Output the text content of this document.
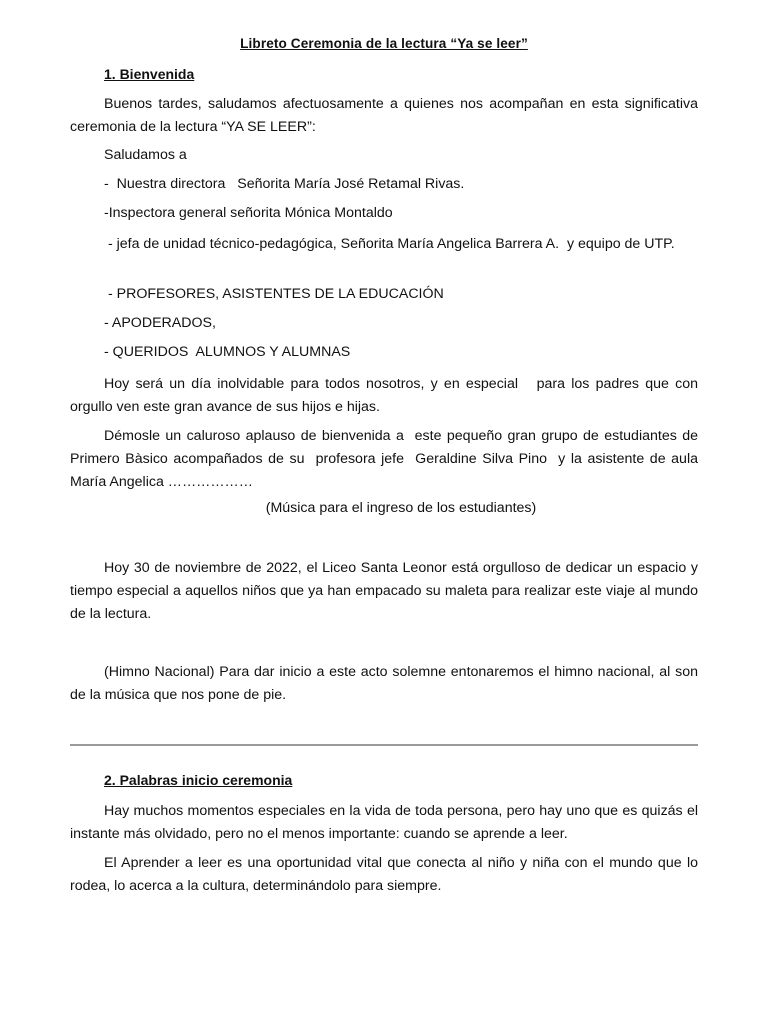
Libreto Ceremonia de la lectura “Ya se leer”
1. Bienvenida
Buenos tardes, saludamos afectuosamente a quienes nos acompañan en esta significativa ceremonia de la lectura “YA SE LEER”:
Saludamos a
-  Nuestra directora   Señorita María José Retamal Rivas.
-Inspectora general señorita Mónica Montaldo
- jefa de unidad técnico-pedagógica, Señorita María Angelica Barrera A.  y equipo de UTP.
- PROFESORES, ASISTENTES DE LA EDUCACIÓN
- APODERADOS,
- QUERIDOS  ALUMNOS Y ALUMNAS
Hoy será un día inolvidable para todos nosotros, y en especial   para los padres que con orgullo ven este gran avance de sus hijos e hijas.
Démosle un caluroso aplauso de bienvenida a  este pequeño gran grupo de estudiantes de Primero Bàsico acompañados de su  profesora jefe  Geraldine Silva Pino  y la asistente de aula María Angelica ………………
(Música para el ingreso de los estudiantes)
Hoy 30 de noviembre de 2022, el Liceo Santa Leonor está orgulloso de dedicar un espacio y tiempo especial a aquellos niños que ya han empacado su maleta para realizar este viaje al mundo de la lectura.
(Himno Nacional) Para dar inicio a este acto solemne entonaremos el himno nacional, al son de la música que nos pone de pie.
2. Palabras inicio ceremonia
Hay muchos momentos especiales en la vida de toda persona, pero hay uno que es quizás el instante más olvidado, pero no el menos importante: cuando se aprende a leer.
El Aprender a leer es una oportunidad vital que conecta al niño y niña con el mundo que lo rodea, lo acerca a la cultura, determinándolo para siempre.
